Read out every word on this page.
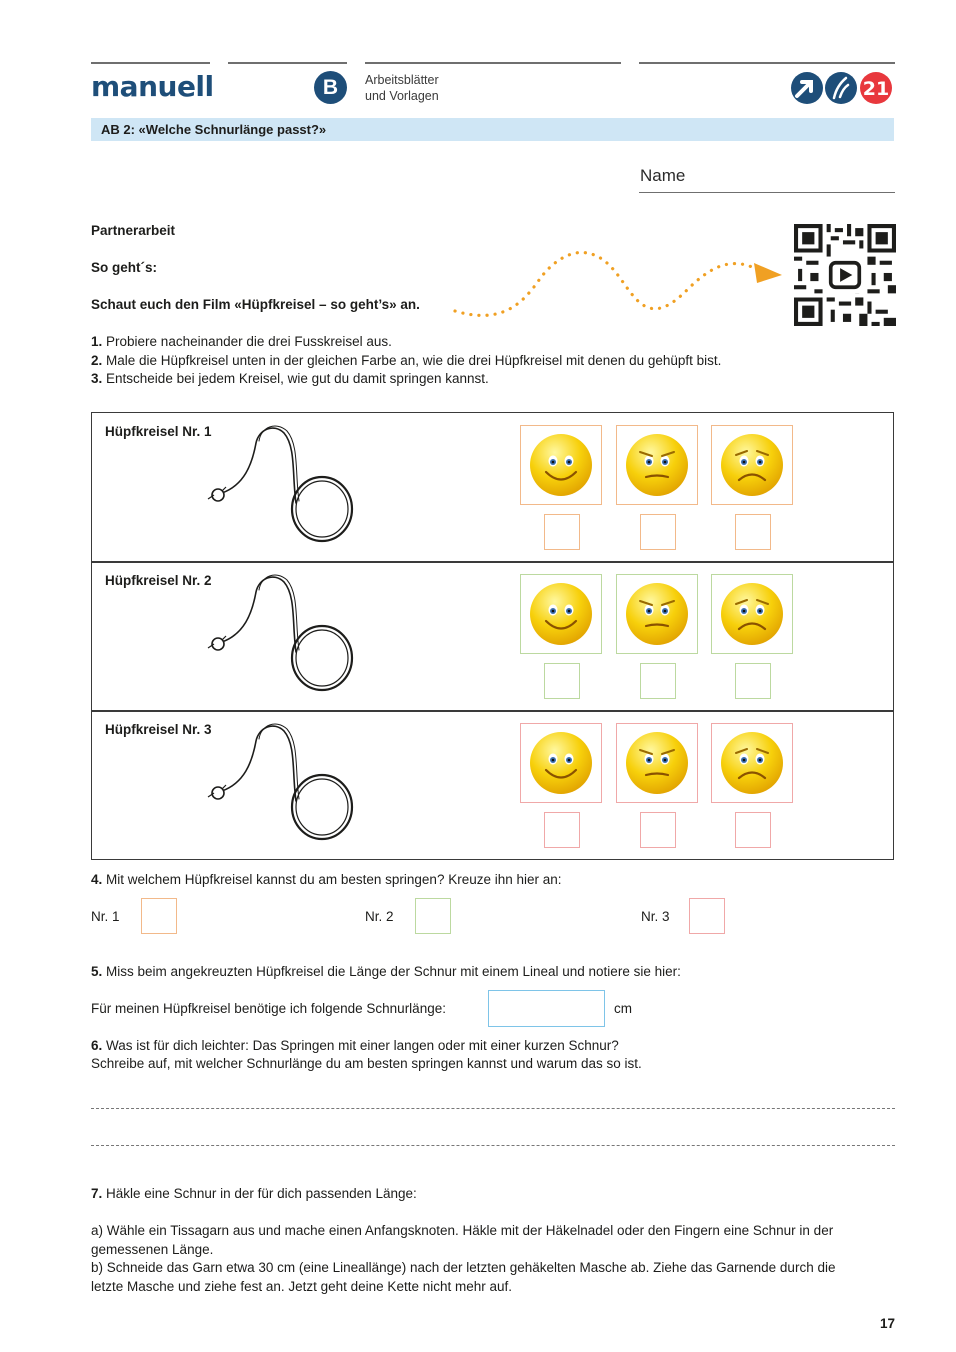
manuell	B	Arbeitsblätter
und Vorlagen	21
AB 2: «Welche Schnurlänge passt?»
Name
Partnerarbeit
So geht´s:
Schaut euch den Film «Hüpfkreisel – so geht’s» an.
1. Probiere nacheinander die drei Fusskreisel aus.
2. Male die Hüpfkreisel unten in der gleichen Farbe an, wie die drei Hüpfkreisel mit denen du gehüpft bist.
3. Entscheide bei jedem Kreisel, wie gut du damit springen kannst.
Hüpfkreisel Nr. 1
Hüpfkreisel Nr. 2
Hüpfkreisel Nr. 3
4. Mit welchem Hüpfkreisel kannst du am besten springen? Kreuze ihn hier an:
Nr. 1	Nr. 2	Nr. 3
5. Miss beim angekreuzten Hüpfkreisel die Länge der Schnur mit einem Lineal und notiere sie hier:
Für meinen Hüpfkreisel benötige ich folgende Schnurlänge:	cm
6. Was ist für dich leichter: Das Springen mit einer langen oder mit einer kurzen Schnur?
Schreibe auf, mit welcher Schnurlänge du am besten springen kannst und warum das so ist.
7. Häkle eine Schnur in der für dich passenden Länge:
a) Wähle ein Tissagarn aus und mache einen Anfangsknoten. Häkle mit der Häkelnadel oder den Fingern eine Schnur in der
gemessenen Länge.
b) Schneide das Garn etwa 30 cm (eine Lineallänge) nach der letzten gehäkelten Masche ab. Ziehe das Garnende durch die
letzte Masche und ziehe fest an. Jetzt geht deine Kette nicht mehr auf.
17
